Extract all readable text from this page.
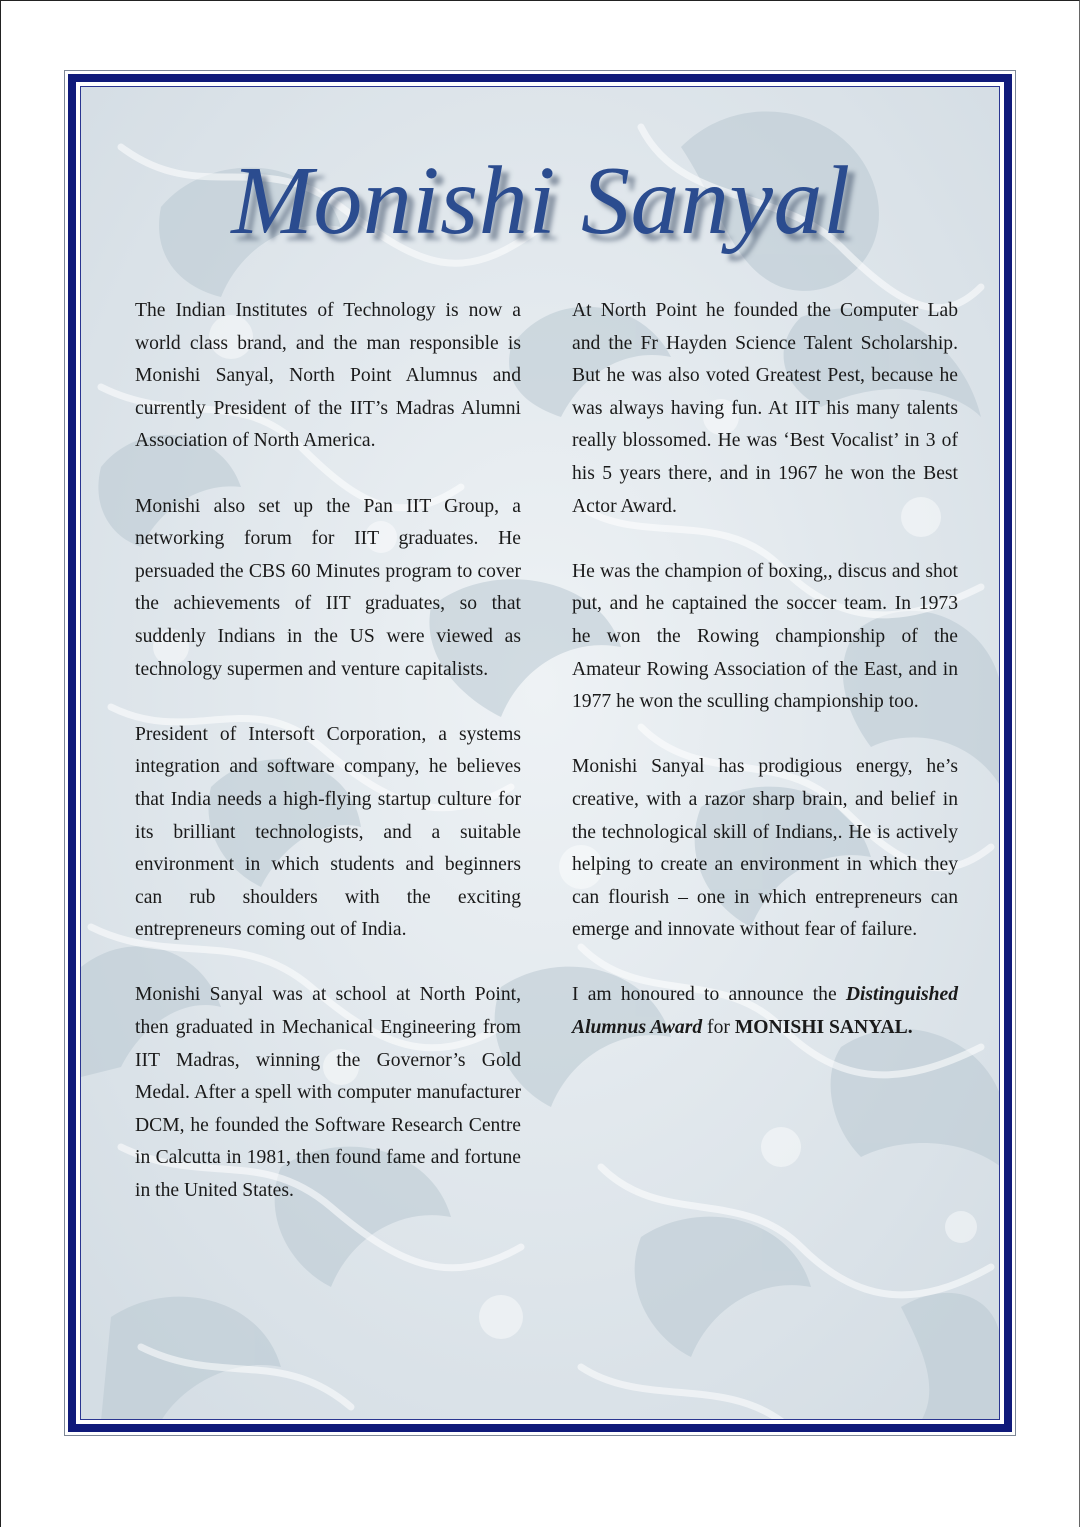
Monishi Sanyal

The Indian Institutes of Technology is now a world class brand, and the man responsible is Monishi Sanyal, North Point Alumnus and currently President of the IIT’s Madras Alumni Association of North America.

Monishi also set up the Pan IIT Group, a networking forum for IIT graduates. He persuaded the CBS 60 Minutes program to cover the achievements of IIT graduates, so that suddenly Indians in the US were viewed as technology supermen and venture capitalists.

President of Intersoft Corporation, a systems integration and software company, he believes that India needs a high-flying startup culture for its brilliant technologists, and a suitable environment in which students and beginners can rub shoulders with the exciting entrepreneurs coming out of India.

Monishi Sanyal was at school at North Point, then graduated in Mechanical Engineering from IIT Madras, winning the Governor’s Gold Medal. After a spell with computer manufacturer DCM, he founded the Software Research Centre in Calcutta in 1981, then found fame and fortune in the United States.

At North Point he founded the Computer Lab and the Fr Hayden Science Talent Scholarship. But he was also voted Greatest Pest, because he was always having fun. At IIT his many talents really blossomed. He was ‘Best Vocalist’ in 3 of his 5 years there, and in 1967 he won the Best Actor Award.

He was the champion of boxing,, discus and shot put, and he captained the soccer team. In 1973 he won the Rowing championship of the Amateur Rowing Association of the East, and in 1977 he won the sculling championship too.

Monishi Sanyal has prodigious energy, he’s creative, with a razor sharp brain, and belief in the technological skill of Indians,. He is actively helping to create an environment in which they can flourish – one in which entrepreneurs can emerge and innovate without fear of failure.

I am honoured to announce the Distinguished Alumnus Award for MONISHI SANYAL.
